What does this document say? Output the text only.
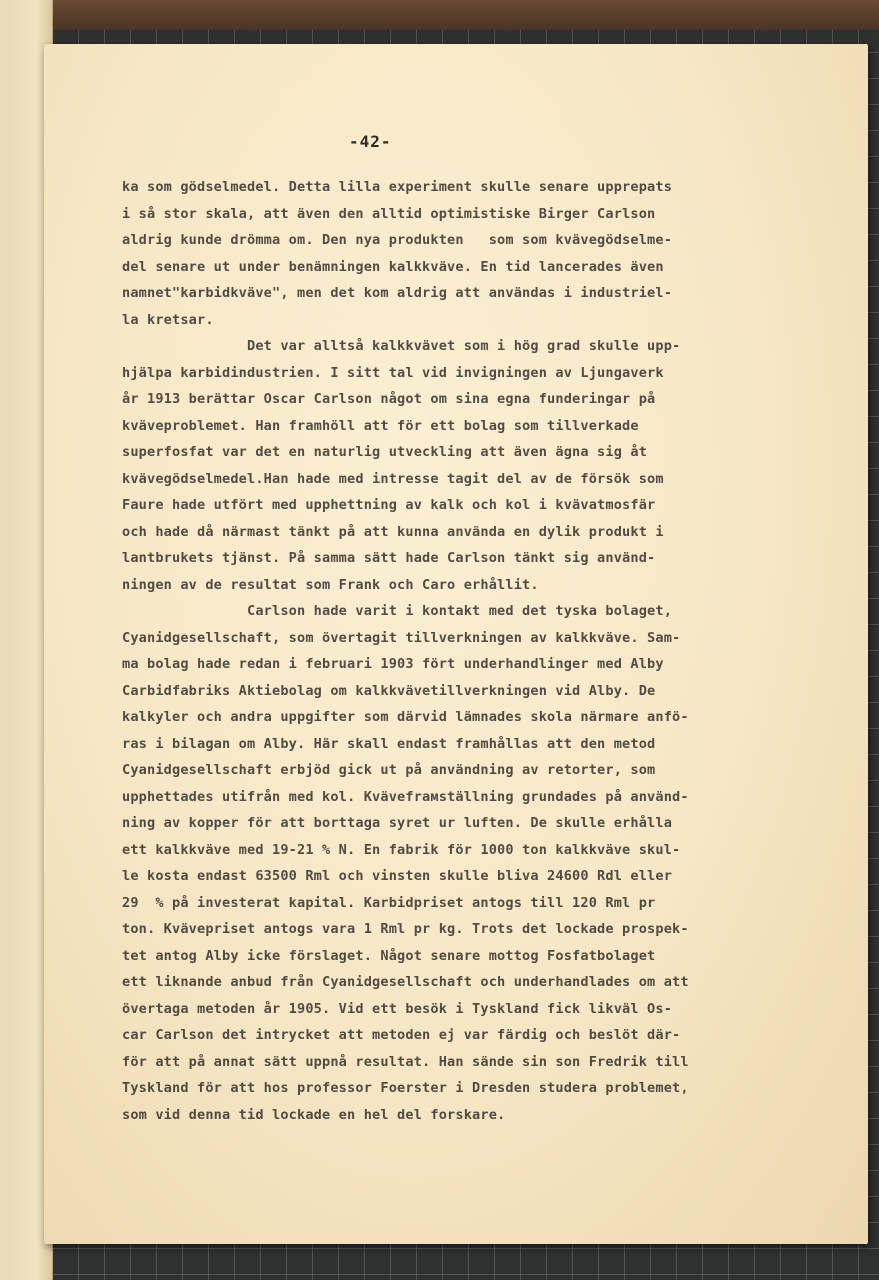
-42-
ka som gödselmedel. Detta lilla experiment skulle senare upprepats
i så stor skala, att även den alltid optimistiske Birger Carlson
aldrig kunde drömma om. Den nya produkten   som som kvävegödselme-
del senare ut under benämningen kalkkväve. En tid lancerades även
namnet"karbidkväve", men det kom aldrig att användas i industriel-
la kretsar.
Det var alltså kalkkvävet som i hög grad skulle upp-
hjälpa karbidindustrien. I sitt tal vid invigningen av Ljungaverk
år 1913 berättar Oscar Carlson något om sina egna funderingar på
kväveproblemet. Han framhöll att för ett bolag som tillverkade
superfosfat var det en naturlig utveckling att även ägna sig åt
kvävegödselmedel.Han hade med intresse tagit del av de försök som
Faure hade utfört med upphettning av kalk och kol i kvävatmosfär
och hade då närmast tänkt på att kunna använda en dylik produkt i
lantbrukets tjänst. På samma sätt hade Carlson tänkt sig använd-
ningen av de resultat som Frank och Caro erhållit.
Carlson hade varit i kontakt med det tyska bolaget,
Cyanidgesellschaft, som övertagit tillverkningen av kalkkväve. Sam-
ma bolag hade redan i februari 1903 fört underhandlinger med Alby
Carbidfabriks Aktiebolag om kalkkvävetillverkningen vid Alby. De
kalkyler och andra uppgifter som därvid lämnades skola närmare anfö-
ras i bilagan om Alby. Här skall endast framhållas att den metod
Cyanidgesellschaft erbjöd gick ut på användning av retorter, som
upphettades utifrån med kol. Kvävefraмställning grundades på använd-
ning av kopper för att borttaga syret ur luften. De skulle erhålla
ett kalkkväve med 19-21 % N. En fabrik för 1000 ton kalkkväve skul-
le kosta endast 63500 Rml och vinsten skulle bliva 24600 Rdl eller
29  % på investerat kapital. Karbidpriset antogs till 120 Rml pr
ton. Kvävepriset antogs vara 1 Rml pr kg. Trots det lockade prospek-
tet antog Alby icke förslaget. Något senare mottog Fosfatbolaget
ett liknande anbud från Cyanidgesellschaft och underhandlades om att
övertaga metoden år 1905. Vid ett besök i Tyskland fick likväl Os-
car Carlson det intrycket att metoden ej var färdig och beslöt där-
för att på annat sätt uppnå resultat. Han sände sin son Fredrik till
Tyskland för att hos professor Foerster i Dresden studera problemet,
som vid denna tid lockade en hel del forskare.
